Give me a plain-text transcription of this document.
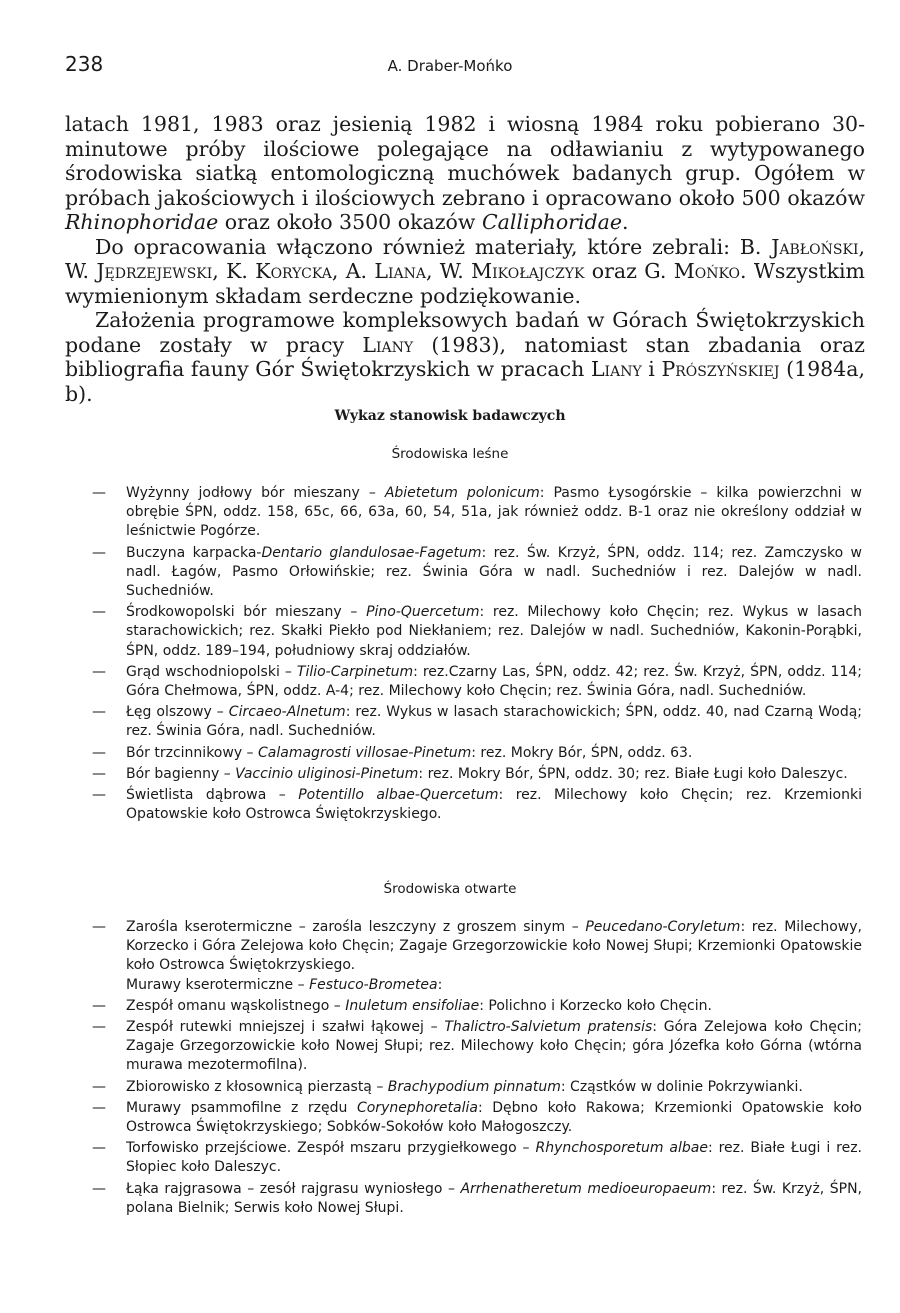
238	A. Draber-Mońko

latach 1981, 1983 oraz jesienią 1982 i wiosną 1984 roku pobierano 30-minutowe próby ilościowe polegające na odławianiu z wytypowanego środowiska siatką entomologiczną muchówek badanych grup. Ogółem w próbach jakościowych i ilościowych zebrano i opracowano około 500 okazów Rhinophoridae oraz około 3500 okazów Calliphoridae.

Do opracowania włączono również materiały, które zebrali: B. Jabłoński, W. Jędrzejewski, K. Korycka, A. Liana, W. Mikołajczyk oraz G. Mońko. Wszystkim wymienionym składam serdeczne podziękowanie.

Założenia programowe kompleksowych badań w Górach Świętokrzyskich podane zostały w pracy Liany (1983), natomiast stan zbadania oraz bibliografia fauny Gór Świętokrzyskich w pracach Liany i Prószyńskiej (1984a, b).

Wykaz stanowisk badawczych
Środowiska leśne
— Wyżynny jodłowy bór mieszany – Abietetum polonicum: Pasmo Łysogórskie – kilka powierzchni w obrębie ŚPN, oddz. 158, 65c, 66, 63a, 60, 54, 51a, jak również oddz. B-1 oraz nie określony oddział w leśnictwie Pogórze.
— Buczyna karpacka-Dentario glandulosae-Fagetum: rez. Św. Krzyż, ŚPN, oddz. 114; rez. Zamczysko w nadl. Łagów, Pasmo Orłowińskie; rez. Świnia Góra w nadl. Suchedniów i rez. Dalejów w nadl. Suchedniów.
— Środkowopolski bór mieszany – Pino-Quercetum: rez. Milechowy koło Chęcin; rez. Wykus w lasach starachowickich; rez. Skałki Piekło pod Niekłaniem; rez. Dalejów w nadl. Suchedniów, Kakonin-Porąbki, ŚPN, oddz. 189–194, południowy skraj oddziałów.
— Grąd wschodniopolski – Tilio-Carpinetum: rez.Czarny Las, ŚPN, oddz. 42; rez. Św. Krzyż, ŚPN, oddz. 114; Góra Chełmowa, ŚPN, oddz. A-4; rez. Milechowy koło Chęcin; rez. Świnia Góra, nadl. Suchedniów.
— Łęg olszowy – Circaeo-Alnetum: rez. Wykus w lasach starachowickich; ŚPN, oddz. 40, nad Czarną Wodą; rez. Świnia Góra, nadl. Suchedniów.
— Bór trzcinnikowy – Calamagrosti villosae-Pinetum: rez. Mokry Bór, ŚPN, oddz. 63.
— Bór bagienny – Vaccinio uliginosi-Pinetum: rez. Mokry Bór, ŚPN, oddz. 30; rez. Białe Ługi koło Daleszyc.
— Świetlista dąbrowa – Potentillo albae-Quercetum: rez. Milechowy koło Chęcin; rez. Krzemionki Opatowskie koło Ostrowca Świętokrzyskiego.
Środowiska otwarte
— Zarośla kserotermiczne – zarośla leszczyny z groszem sinym – Peucedano-Coryletum: rez. Milechowy, Korzecko i Góra Zelejowa koło Chęcin; Zagaje Grzegorzowickie koło Nowej Słupi; Krzemionki Opatowskie koło Ostrowca Świętokrzyskiego.
Murawy kserotermiczne – Festuco-Brometea:
— Zespół omanu wąskolistnego – Inuletum ensifoliae: Polichno i Korzecko koło Chęcin.
— Zespół rutewki mniejszej i szałwi łąkowej – Thalictro-Salvietum pratensis: Góra Zelejowa koło Chęcin; Zagaje Grzegorzowickie koło Nowej Słupi; rez. Milechowy koło Chęcin; góra Józefka koło Górna (wtórna murawa mezotermofilna).
— Zbiorowisko z kłosownicą pierzastą – Brachypodium pinnatum: Cząstków w dolinie Pokrzywianki.
— Murawy psammofilne z rzędu Corynephoretalia: Dębno koło Rakowa; Krzemionki Opatowskie koło Ostrowca Świętokrzyskiego; Sobków-Sokołów koło Małogoszczy.
— Torfowisko przejściowe. Zespół mszaru przygiełkowego – Rhynchosporetum albae: rez. Białe Ługi i rez. Słopiec koło Daleszyc.
— Łąka rajgrasowa – zesół rajgrasu wyniosłego – Arrhenatheretum medioeuropaeum: rez. Św. Krzyż, ŚPN, polana Bielnik; Serwis koło Nowej Słupi.
